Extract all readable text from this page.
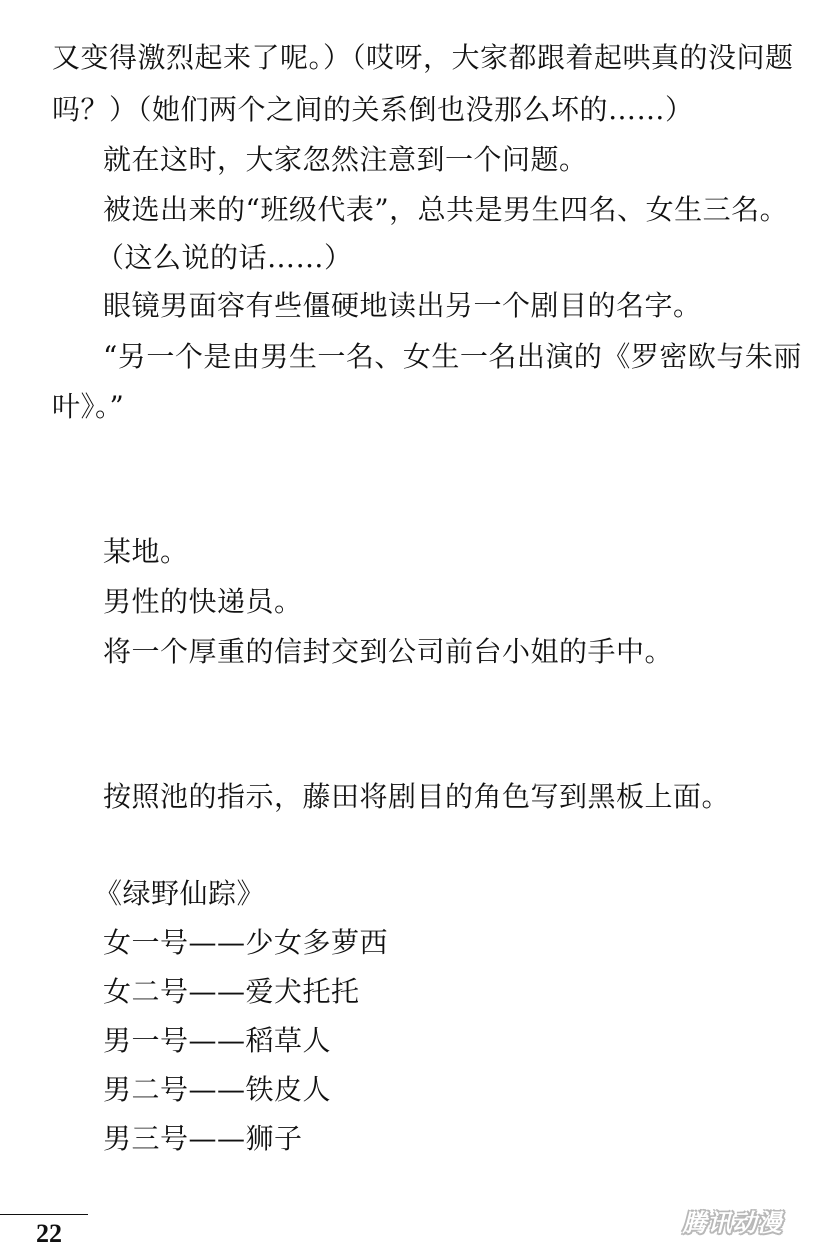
又变得激烈起来了呢。）（哎呀，大家都跟着起哄真的没问题
吗？）（她们两个之间的关系倒也没那么坏的……）
就在这时，大家忽然注意到一个问题。
被选出来的“班级代表”，总共是男生四名、女生三名。
（这么说的话……）
眼镜男面容有些僵硬地读出另一个剧目的名字。
“另一个是由男生一名、女生一名出演的《罗密欧与朱丽
叶》。”
某地。
男性的快递员。
将一个厚重的信封交到公司前台小姐的手中。
按照池的指示，藤田将剧目的角色写到黑板上面。
《绿野仙踪》
女一号——少女多萝西
女二号——爱犬托托
男一号——稻草人
男二号——铁皮人
男三号——狮子
22	腾讯动漫
